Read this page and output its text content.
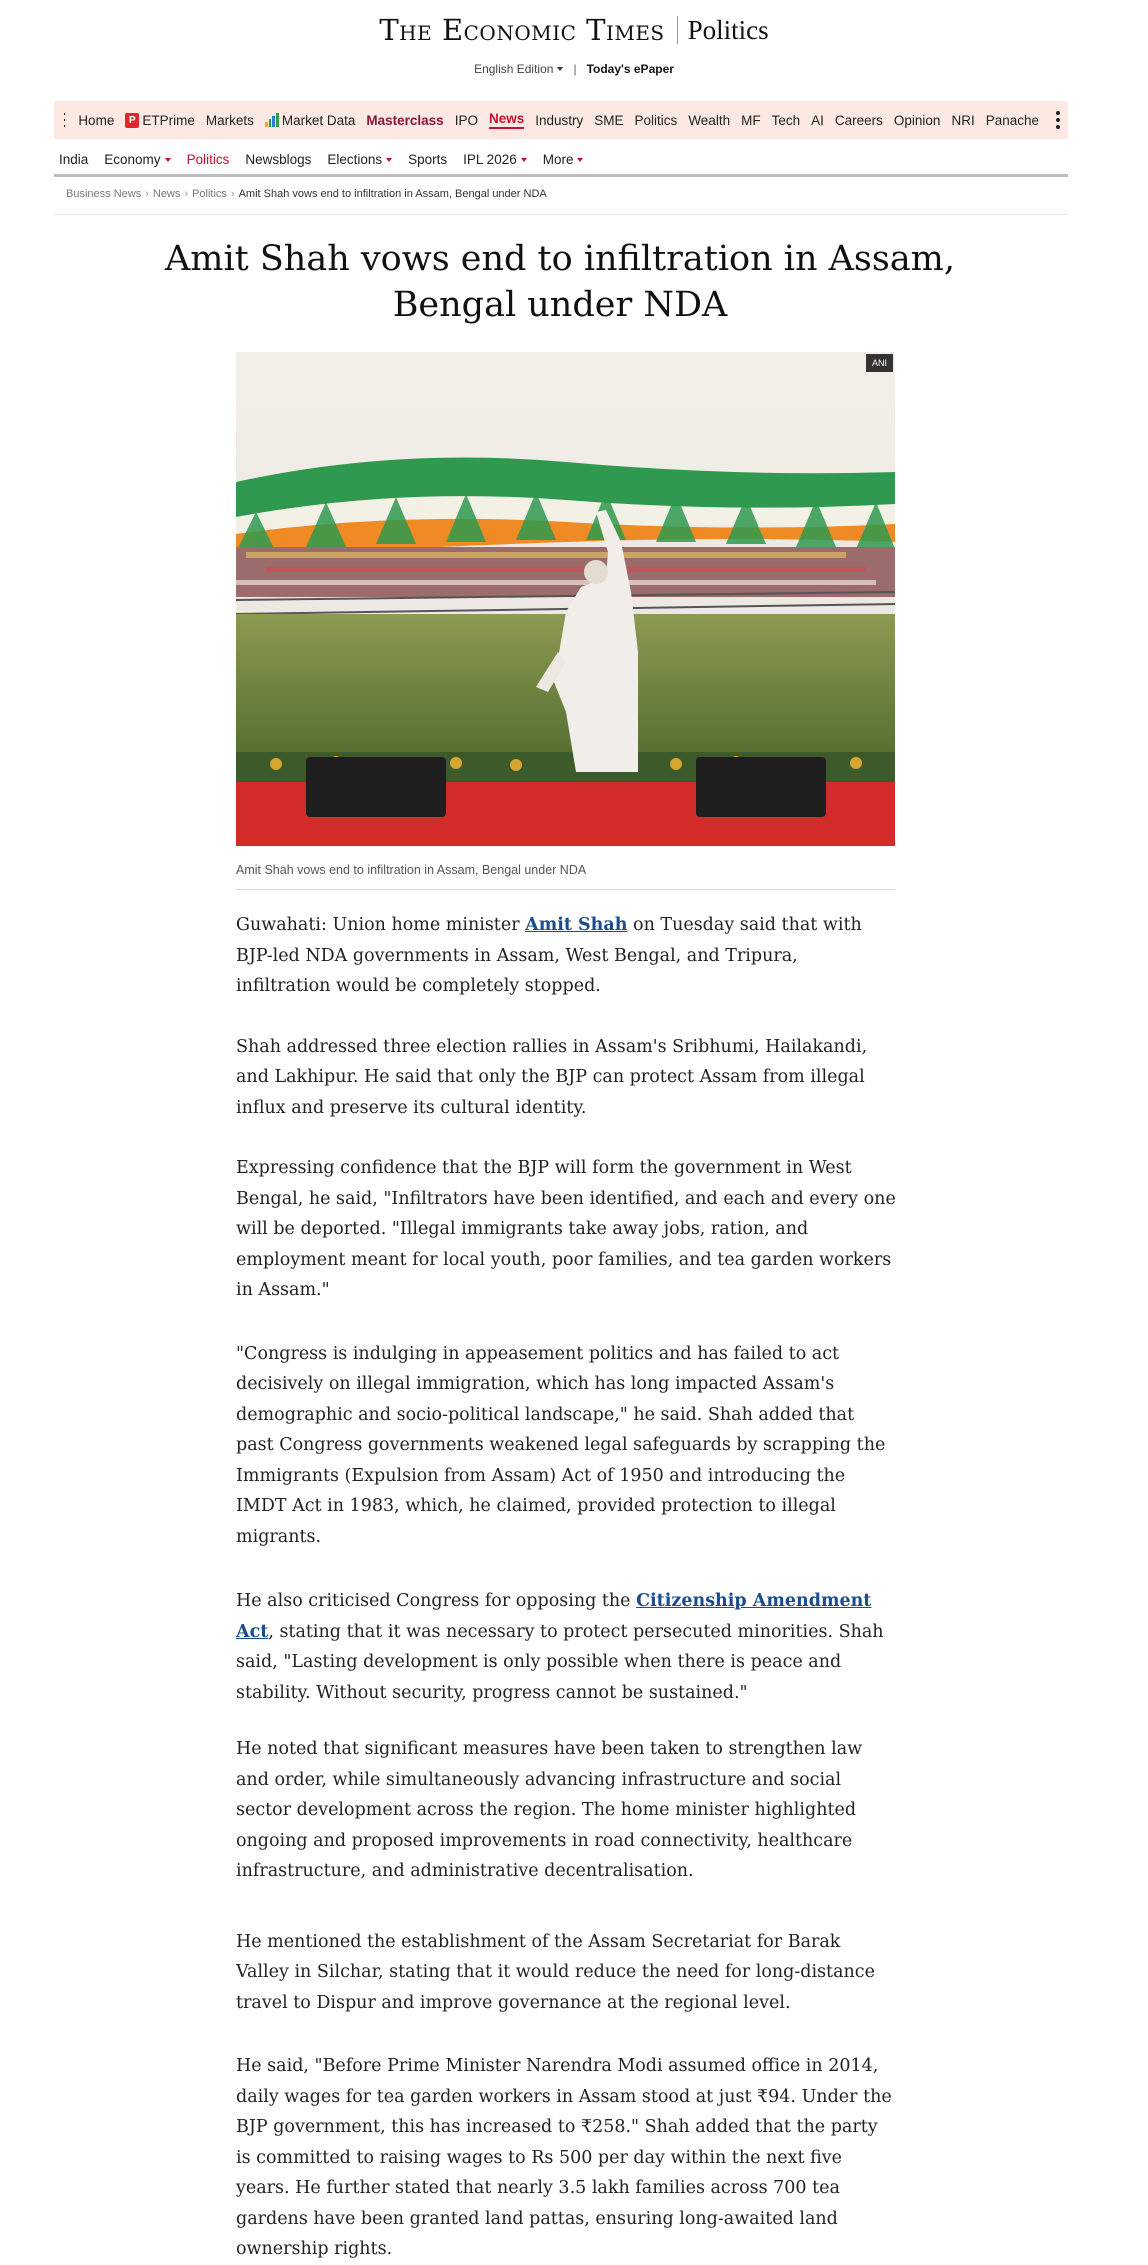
The Economic Times Politics
English Edition | Today's ePaper
Home	P ETPrime Markets Market Data Masterclass IPO News Industry SME Politics Wealth MF Tech AI Careers Opinion NRI Panache
India Economy Politics Newsblogs Elections Sports IPL 2026 More
Business News › News › Politics › Amit Shah vows end to infiltration in Assam, Bengal under NDA
Amit Shah vows end to infiltration in Assam, Bengal under NDA
ANI
Amit Shah vows end to infiltration in Assam, Bengal under NDA

Guwahati: Union home minister Amit Shah on Tuesday said that with BJP-led NDA governments in Assam, West Bengal, and Tripura, infiltration would be completely stopped.

Shah addressed three election rallies in Assam's Sribhumi, Hailakandi, and Lakhipur. He said that only the BJP can protect Assam from illegal influx and preserve its cultural identity.

Expressing confidence that the BJP will form the government in West Bengal, he said, "Infiltrators have been identified, and each and every one will be deported. "Illegal immigrants take away jobs, ration, and employment meant for local youth, poor families, and tea garden workers in Assam."

"Congress is indulging in appeasement politics and has failed to act decisively on illegal immigration, which has long impacted Assam's demographic and socio-political landscape," he said. Shah added that past Congress governments weakened legal safeguards by scrapping the Immigrants (Expulsion from Assam) Act of 1950 and introducing the IMDT Act in 1983, which, he claimed, provided protection to illegal migrants.

He also criticised Congress for opposing the Citizenship Amendment Act, stating that it was necessary to protect persecuted minorities. Shah said, "Lasting development is only possible when there is peace and stability. Without security, progress cannot be sustained."

He noted that significant measures have been taken to strengthen law and order, while simultaneously advancing infrastructure and social sector development across the region. The home minister highlighted ongoing and proposed improvements in road connectivity, healthcare infrastructure, and administrative decentralisation.

He mentioned the establishment of the Assam Secretariat for Barak Valley in Silchar, stating that it would reduce the need for long-distance travel to Dispur and improve governance at the regional level.

He said, "Before Prime Minister Narendra Modi assumed office in 2014, daily wages for tea garden workers in Assam stood at just ₹94. Under the BJP government, this has increased to ₹258." Shah added that the party is committed to raising wages to Rs 500 per day within the next five years. He further stated that nearly 3.5 lakh families across 700 tea gardens have been granted land pattas, ensuring long-awaited land ownership rights.
